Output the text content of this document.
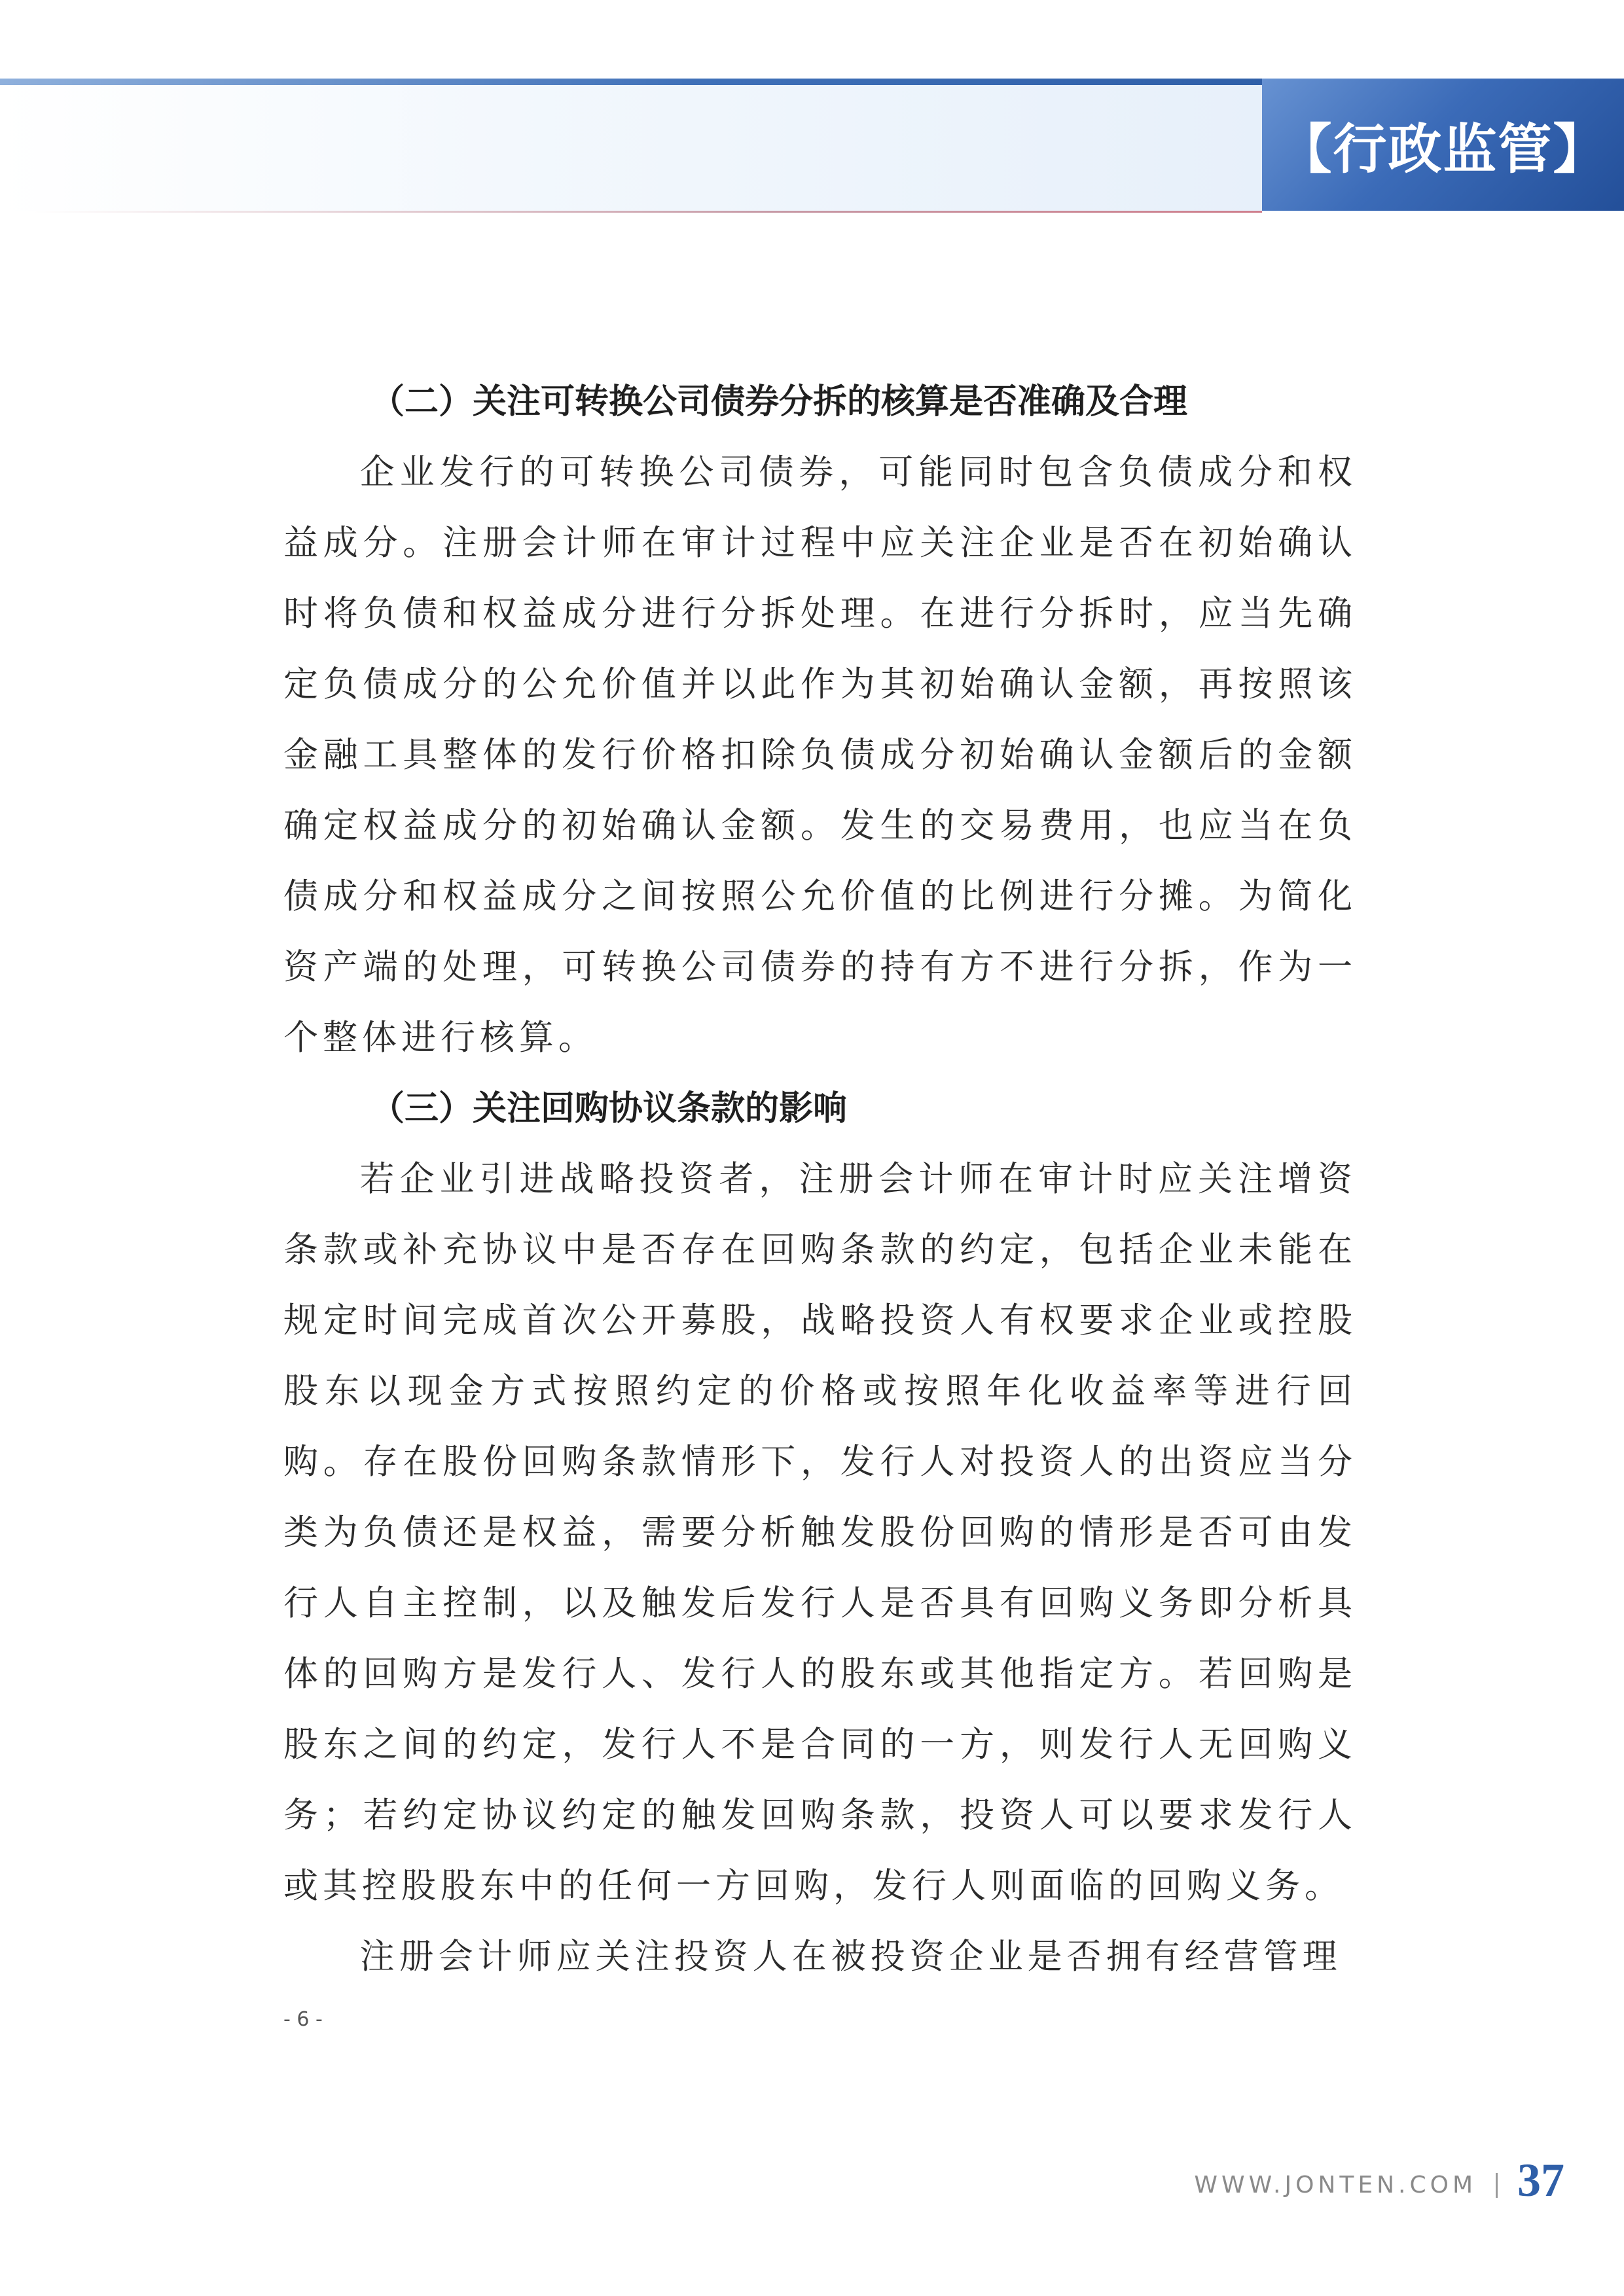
【行政监管】

（二）关注可转换公司债券分拆的核算是否准确及合理

企业发行的可转换公司债券，可能同时包含负债成分和权益成分。注册会计师在审计过程中应关注企业是否在初始确认时将负债和权益成分进行分拆处理。在进行分拆时，应当先确定负债成分的公允价值并以此作为其初始确认金额，再按照该金融工具整体的发行价格扣除负债成分初始确认金额后的金额确定权益成分的初始确认金额。发生的交易费用，也应当在负债成分和权益成分之间按照公允价值的比例进行分摊。为简化资产端的处理，可转换公司债券的持有方不进行分拆，作为一个整体进行核算。

（三）关注回购协议条款的影响

若企业引进战略投资者，注册会计师在审计时应关注增资条款或补充协议中是否存在回购条款的约定，包括企业未能在规定时间完成首次公开募股，战略投资人有权要求企业或控股股东以现金方式按照约定的价格或按照年化收益率等进行回购。存在股份回购条款情形下，发行人对投资人的出资应当分类为负债还是权益，需要分析触发股份回购的情形是否可由发行人自主控制，以及触发后发行人是否具有回购义务即分析具体的回购方是发行人、发行人的股东或其他指定方。若回购是股东之间的约定，发行人不是合同的一方，则发行人无回购义务；若约定协议约定的触发回购条款，投资人可以要求发行人或其控股股东中的任何一方回购，发行人则面临的回购义务。

注册会计师应关注投资人在被投资企业是否拥有经营管理

- 6 -
WWW.JONTEN.COM 37
